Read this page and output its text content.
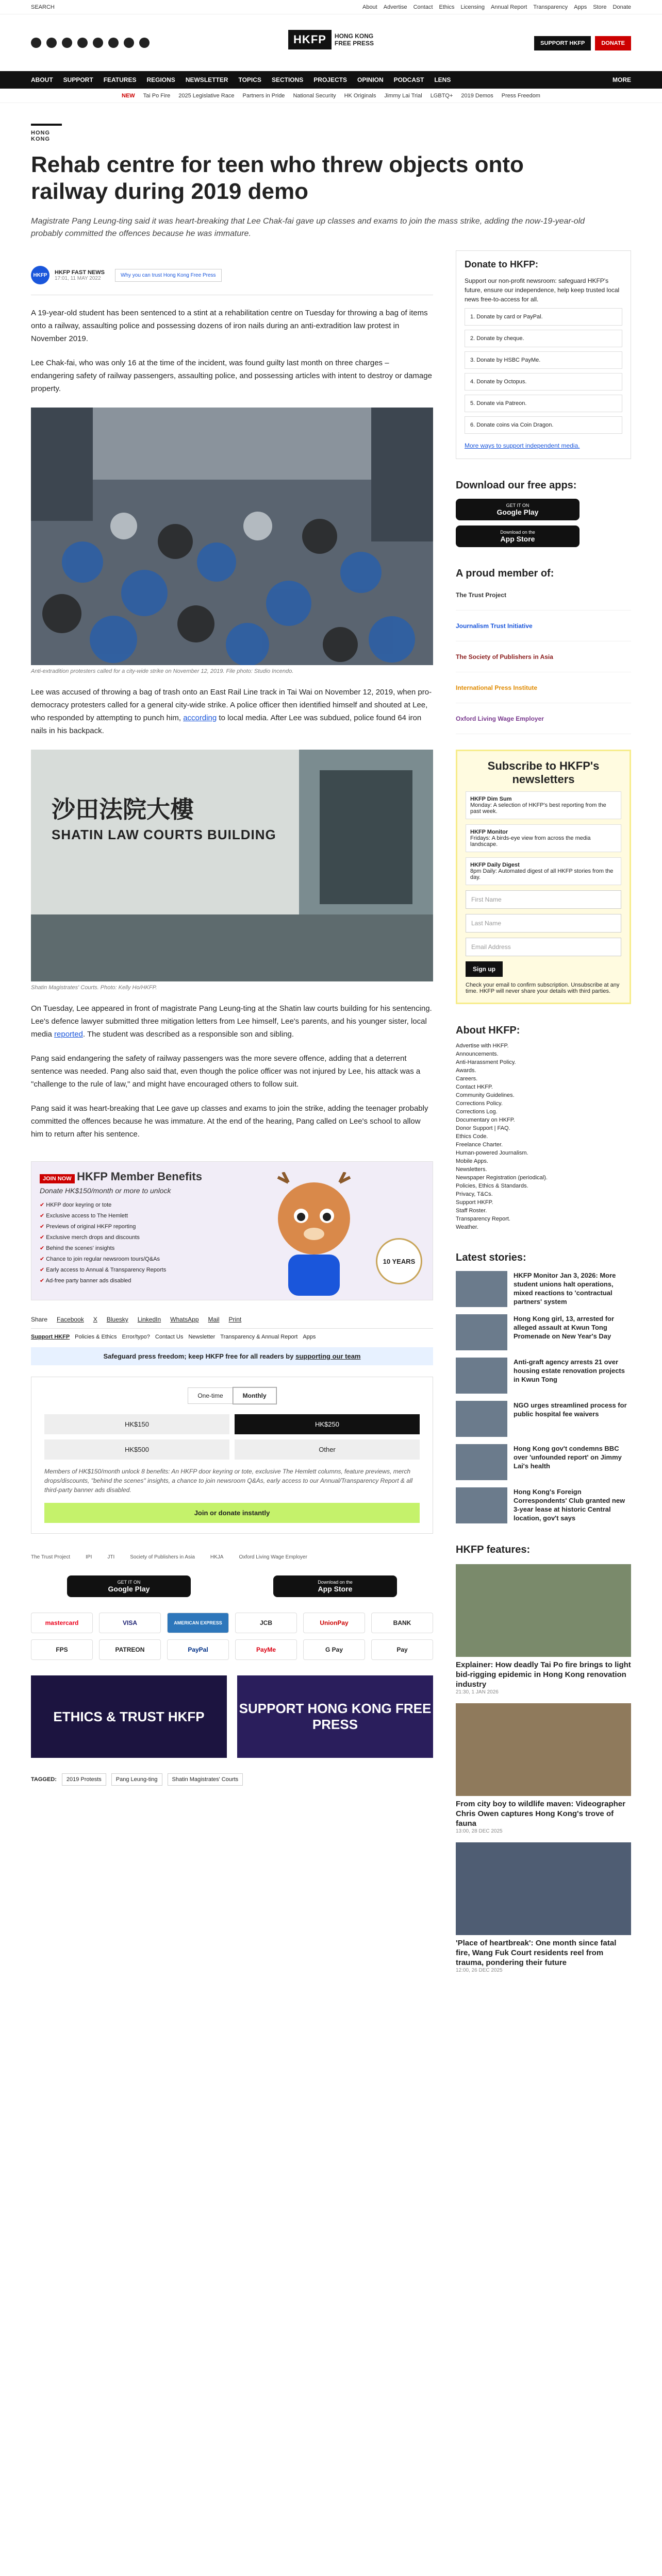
SEARCH	About Advertise Contact Ethics Licensing Annual Report Transparency Apps Store Donate
HKFP	HONG KONG
FREE PRESS	SUPPORT HKFP	DONATE
ABOUT SUPPORT FEATURES REGIONS NEWSLETTER TOPICS SECTIONS PROJECTS OPINION PODCAST LENS	MORE
NEW Tai Po Fire 2025 Legislative Race Partners in Pride National Security HK Originals Jimmy Lai Trial LGBTQ+ 2019 Demos Press Freedom
HONG KONG
Rehab centre for teen who threw objects onto railway during 2019 demo
Magistrate Pang Leung-ting said it was heart-breaking that Lee Chak-fai gave up classes and exams to join the mass strike, adding the now-19-year-old probably committed the offences because he was immature.
HKFP	HKFP FAST NEWS
17:01, 11 MAY 2022
Why you can trust Hong Kong Free Press

A 19-year-old student has been sentenced to a stint at a rehabilitation centre on Tuesday for throwing a bag of items onto a railway, assaulting police and possessing dozens of iron nails during an anti-extradition law protest in November 2019.

Lee Chak-fai, who was only 16 at the time of the incident, was found guilty last month on three charges – endangering safety of railway passengers, assaulting police, and possessing articles with intent to destroy or damage property.

Anti-extradition protesters called for a city-wide strike on November 12, 2019. File photo: Studio Incendo.

Lee was accused of throwing a bag of trash onto an East Rail Line track in Tai Wai on November 12, 2019, when pro-democracy protesters called for a general city-wide strike. A police officer then identified himself and shouted at Lee, who responded by attempting to punch him, according to local media. After Lee was subdued, police found 64 iron nails in his backpack.

沙田法院大樓
SHATIN LAW COURTS BUILDING
Shatin Magistrates' Courts. Photo: Kelly Ho/HKFP.

On Tuesday, Lee appeared in front of magistrate Pang Leung-ting at the Shatin law courts building for his sentencing. Lee's defence lawyer submitted three mitigation letters from Lee himself, Lee's parents, and his younger sister, local media reported. The student was described as a responsible son and sibling.

Pang said endangering the safety of railway passengers was the more severe offence, adding that a deterrent sentence was needed. Pang also said that, even though the police officer was not injured by Lee, his attack was a "challenge to the rule of law," and might have encouraged others to follow suit.

Pang said it was heart-breaking that Lee gave up classes and exams to join the strike, adding the teenager probably committed the offences because he was immature. At the end of the hearing, Pang called on Lee's school to allow him to return after his sentence.

JOIN NOW HKFP Member Benefits
Donate HK$150/month or more to unlock
✔ HKFP door keyring or tote
✔ Exclusive access to The Hemlett
✔ Previews of original HKFP reporting
✔ Exclusive merch drops and discounts
✔ Behind the scenes' insights
✔ Chance to join regular newsroom tours/Q&As
✔ Early access to Annual & Transparency Reports
✔ Ad-free party banner ads disabled
10 YEARS
Share Facebook X Bluesky LinkedIn WhatsApp Mail Print
Support HKFP Policies & Ethics Error/typo? Contact Us Newsletter Transparency & Annual Report Apps
Safeguard press freedom; keep HKFP free for all readers by supporting our team
One-time	Monthly
HK$150	HK$250
HK$500	Other
Members of HK$150/month unlock 8 benefits: An HKFP door keyring or tote, exclusive The Hemlett columns, feature previews, merch drops/discounts, "behind the scenes" insights, a chance to join newsroom Q&As, early access to our Annual/Transparency Report & all third-party banner ads disabled.
Join or donate instantly
The Trust Project	IPI	JTI	Society of Publishers in Asia	HKJA	Oxford Living Wage Employer
GET IT ON
Google Play
Download on the
App Store
mastercard	VISA	AMERICAN EXPRESS	JCB	UnionPay	BANK
FPS	PATREON	PayPal	PayMe	G Pay	Pay
ETHICS & TRUST HKFP
SUPPORT HONG KONG FREE PRESS
TAGGED:	2019 Protests	Pang Leung-ting	Shatin Magistrates' Courts
Donate to HKFP:

Support our non-profit newsroom: safeguard HKFP's future, ensure our independence, help keep trusted local news free-to-access for all.

1. Donate by card or PayPal.
2. Donate by cheque.
3. Donate by HSBC PayMe.
4. Donate by Octopus.
5. Donate via Patreon.
6. Donate coins via Coin Dragon.

More ways to support independent media.

Download our free apps:
GET IT ON
Google Play
Download on the
App Store
A proud member of:
The Trust Project
Journalism Trust Initiative
The Society of Publishers in Asia
International Press Institute
Oxford Living Wage Employer
Subscribe to HKFP's newsletters
HKFP Dim Sum
Monday: A selection of HKFP's best reporting from the past week.
HKFP Monitor
Fridays: A birds-eye view from across the media landscape.
HKFP Daily Digest
8pm Daily: Automated digest of all HKFP stories from the day.
First Name
Last Name
Email Address
Sign up

Check your email to confirm subscription. Unsubscribe at any time. HKFP will never share your details with third parties.

About HKFP:
Advertise with HKFP.
Announcements.
Anti-Harassment Policy.
Awards.
Careers.
Contact HKFP.
Community Guidelines.
Corrections Policy.
Corrections Log.
Documentary on HKFP.
Donor Support | FAQ.
Ethics Code.
Freelance Charter.
Human-powered Journalism.
Mobile Apps.
Newsletters.
Newspaper Registration (periodical).
Policies, Ethics & Standards.
Privacy, T&Cs.
Support HKFP.
Staff Roster.
Transparency Report.
Weather.
Latest stories:
HKFP Monitor Jan 3, 2026: More student unions halt operations, mixed reactions to 'contractual partners' system
Hong Kong girl, 13, arrested for alleged assault at Kwun Tong Promenade on New Year's Day
Anti-graft agency arrests 21 over housing estate renovation projects in Kwun Tong
NGO urges streamlined process for public hospital fee waivers
Hong Kong gov't condemns BBC over 'unfounded report' on Jimmy Lai's health
Hong Kong's Foreign Correspondents' Club granted new 3-year lease at historic Central location, gov't says
HKFP features:
Explainer: How deadly Tai Po fire brings to light bid-rigging epidemic in Hong Kong renovation industry
21:30, 1 JAN 2026
From city boy to wildlife maven: Videographer Chris Owen captures Hong Kong's trove of fauna
13:00, 28 DEC 2025
'Place of heartbreak': One month since fatal fire, Wang Fuk Court residents reel from trauma, pondering their future
12:00, 26 DEC 2025
